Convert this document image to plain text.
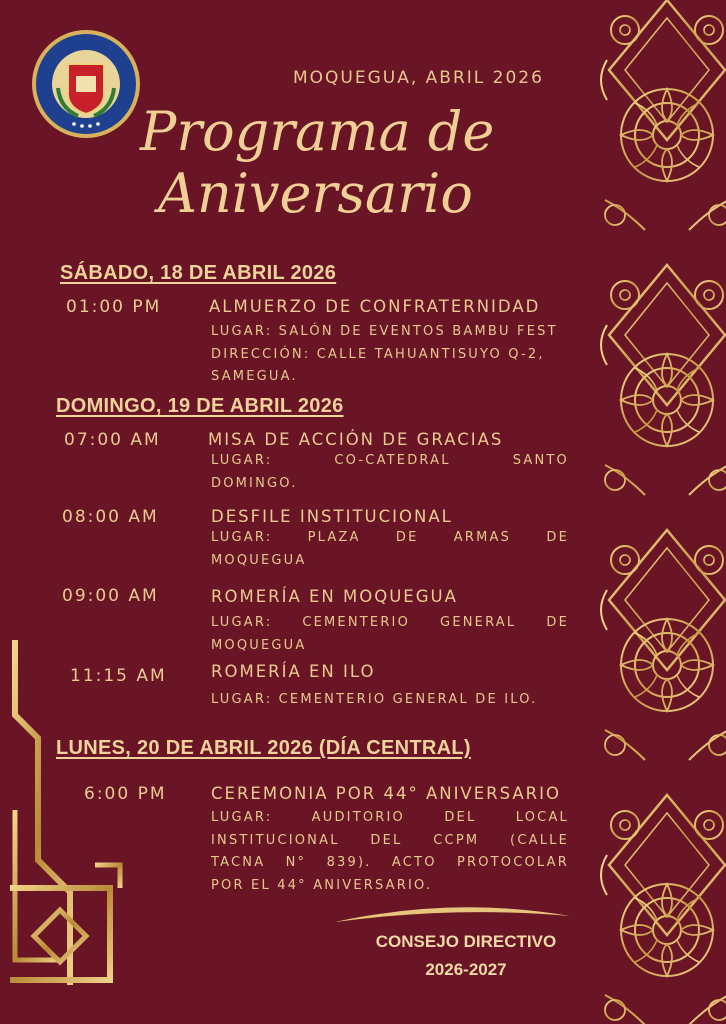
MOQUEGUA, ABRIL 2026
Programa de
Aniversario
SÁBADO, 18 DE ABRIL 2026
01:00 PM	ALMUERZO DE CONFRATERNIDAD
LUGAR: SALÓN DE EVENTOS BAMBU FEST
DIRECCIÓN: CALLE TAHUANTISUYO Q-2,
SAMEGUA.
DOMINGO, 19 DE ABRIL 2026
07:00 AM	MISA DE ACCIÓN DE GRACIAS
LUGAR: CO-CATEDRAL SANTO
DOMINGO.
08:00 AM	DESFILE INSTITUCIONAL
LUGAR: PLAZA DE ARMAS DE
MOQUEGUA
09:00 AM	ROMERÍA EN MOQUEGUA
LUGAR: CEMENTERIO GENERAL DE
MOQUEGUA
11:15 AM	ROMERÍA EN ILO
LUGAR: CEMENTERIO GENERAL DE ILO.
LUNES, 20 DE ABRIL 2026 (DÍA CENTRAL)
6:00 PM	CEREMONIA POR 44° ANIVERSARIO
LUGAR: AUDITORIO DEL LOCAL
INSTITUCIONAL DEL CCPM (CALLE
TACNA N° 839). ACTO PROTOCOLAR
POR EL 44° ANIVERSARIO.
CONSEJO DIRECTIVO
2026-2027
